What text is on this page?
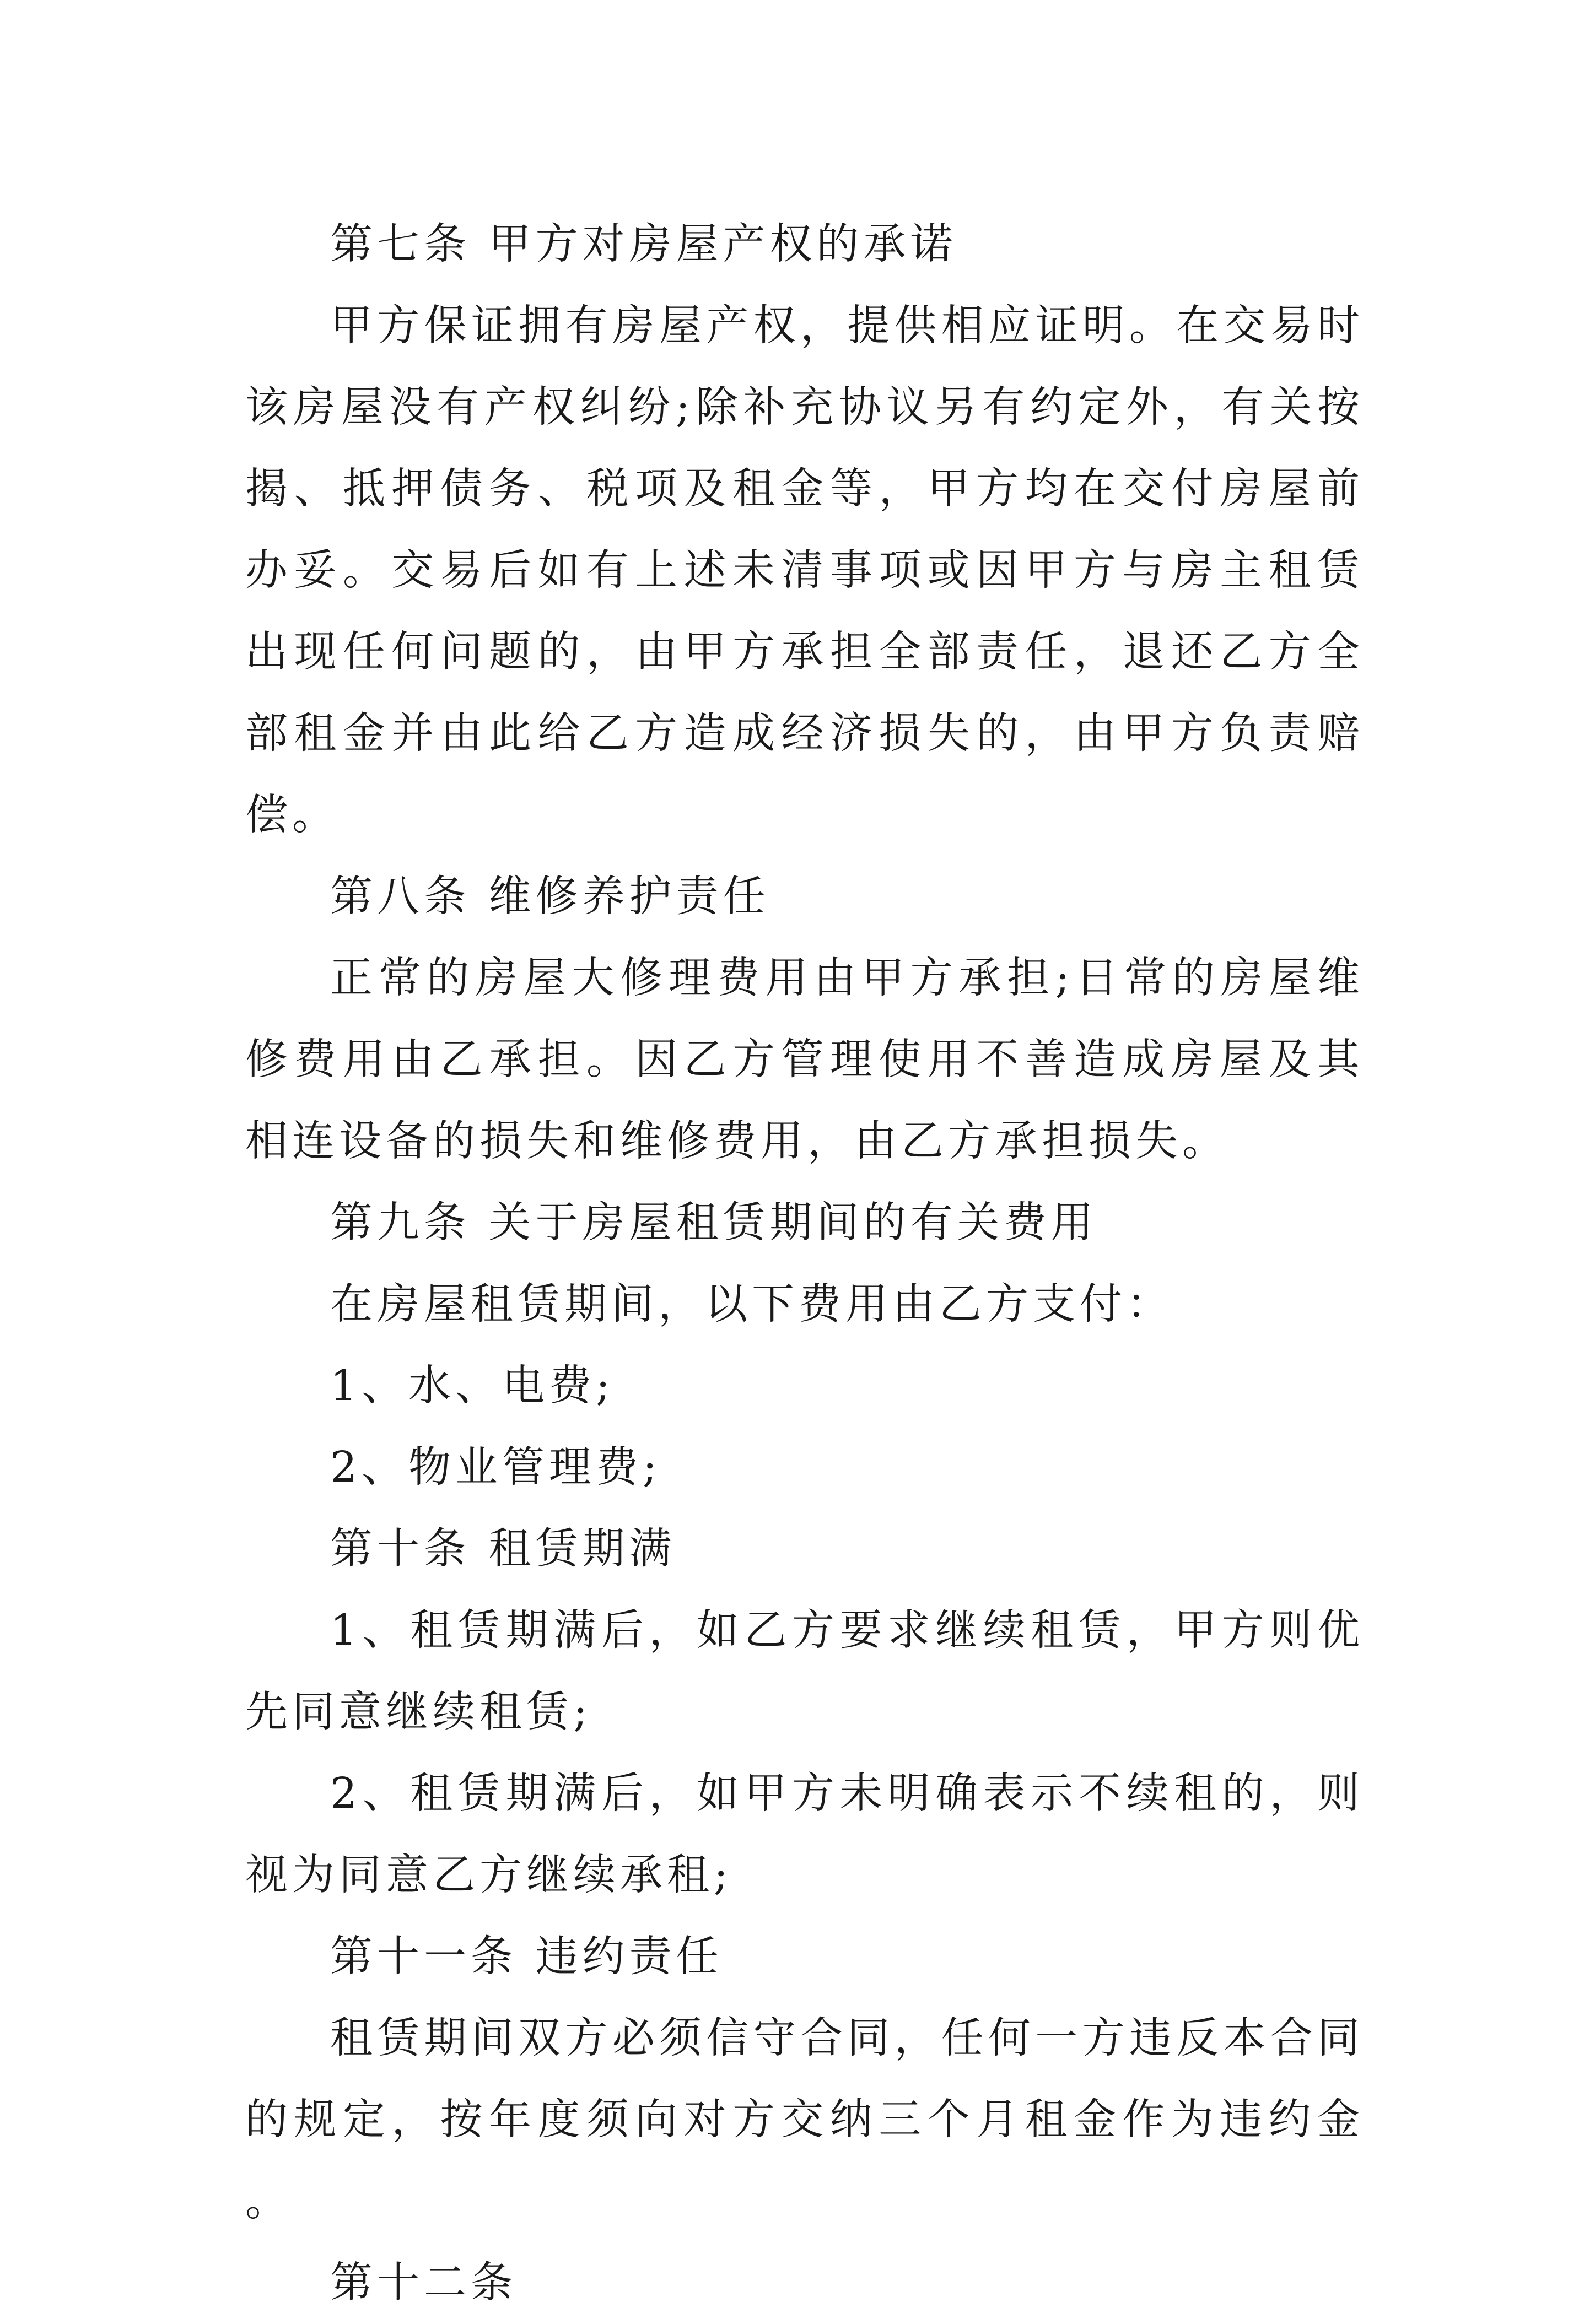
第七条 甲方对房屋产权的承诺

甲方保证拥有房屋产权，提供相应证明。在交易时该房屋没有产权纠纷;除补充协议另有约定外，有关按揭、抵押债务、税项及租金等，甲方均在交付房屋前办妥。交易后如有上述未清事项或因甲方与房主租赁出现任何问题的，由甲方承担全部责任，退还乙方全部租金并由此给乙方造成经济损失的，由甲方负责赔偿。

第八条 维修养护责任

正常的房屋大修理费用由甲方承担;日常的房屋维修费用由乙承担。因乙方管理使用不善造成房屋及其相连设备的损失和维修费用，由乙方承担损失。

第九条 关于房屋租赁期间的有关费用

在房屋租赁期间，以下费用由乙方支付：

1、水、电费;

2、物业管理费;

第十条 租赁期满

1、租赁期满后，如乙方要求继续租赁，甲方则优先同意继续租赁;

2、租赁期满后，如甲方未明确表示不续租的，则视为同意乙方继续承租;

第十一条 违约责任

租赁期间双方必须信守合同，任何一方违反本合同的规定，按年度须向对方交纳三个月租金作为违约金。

第十二条
